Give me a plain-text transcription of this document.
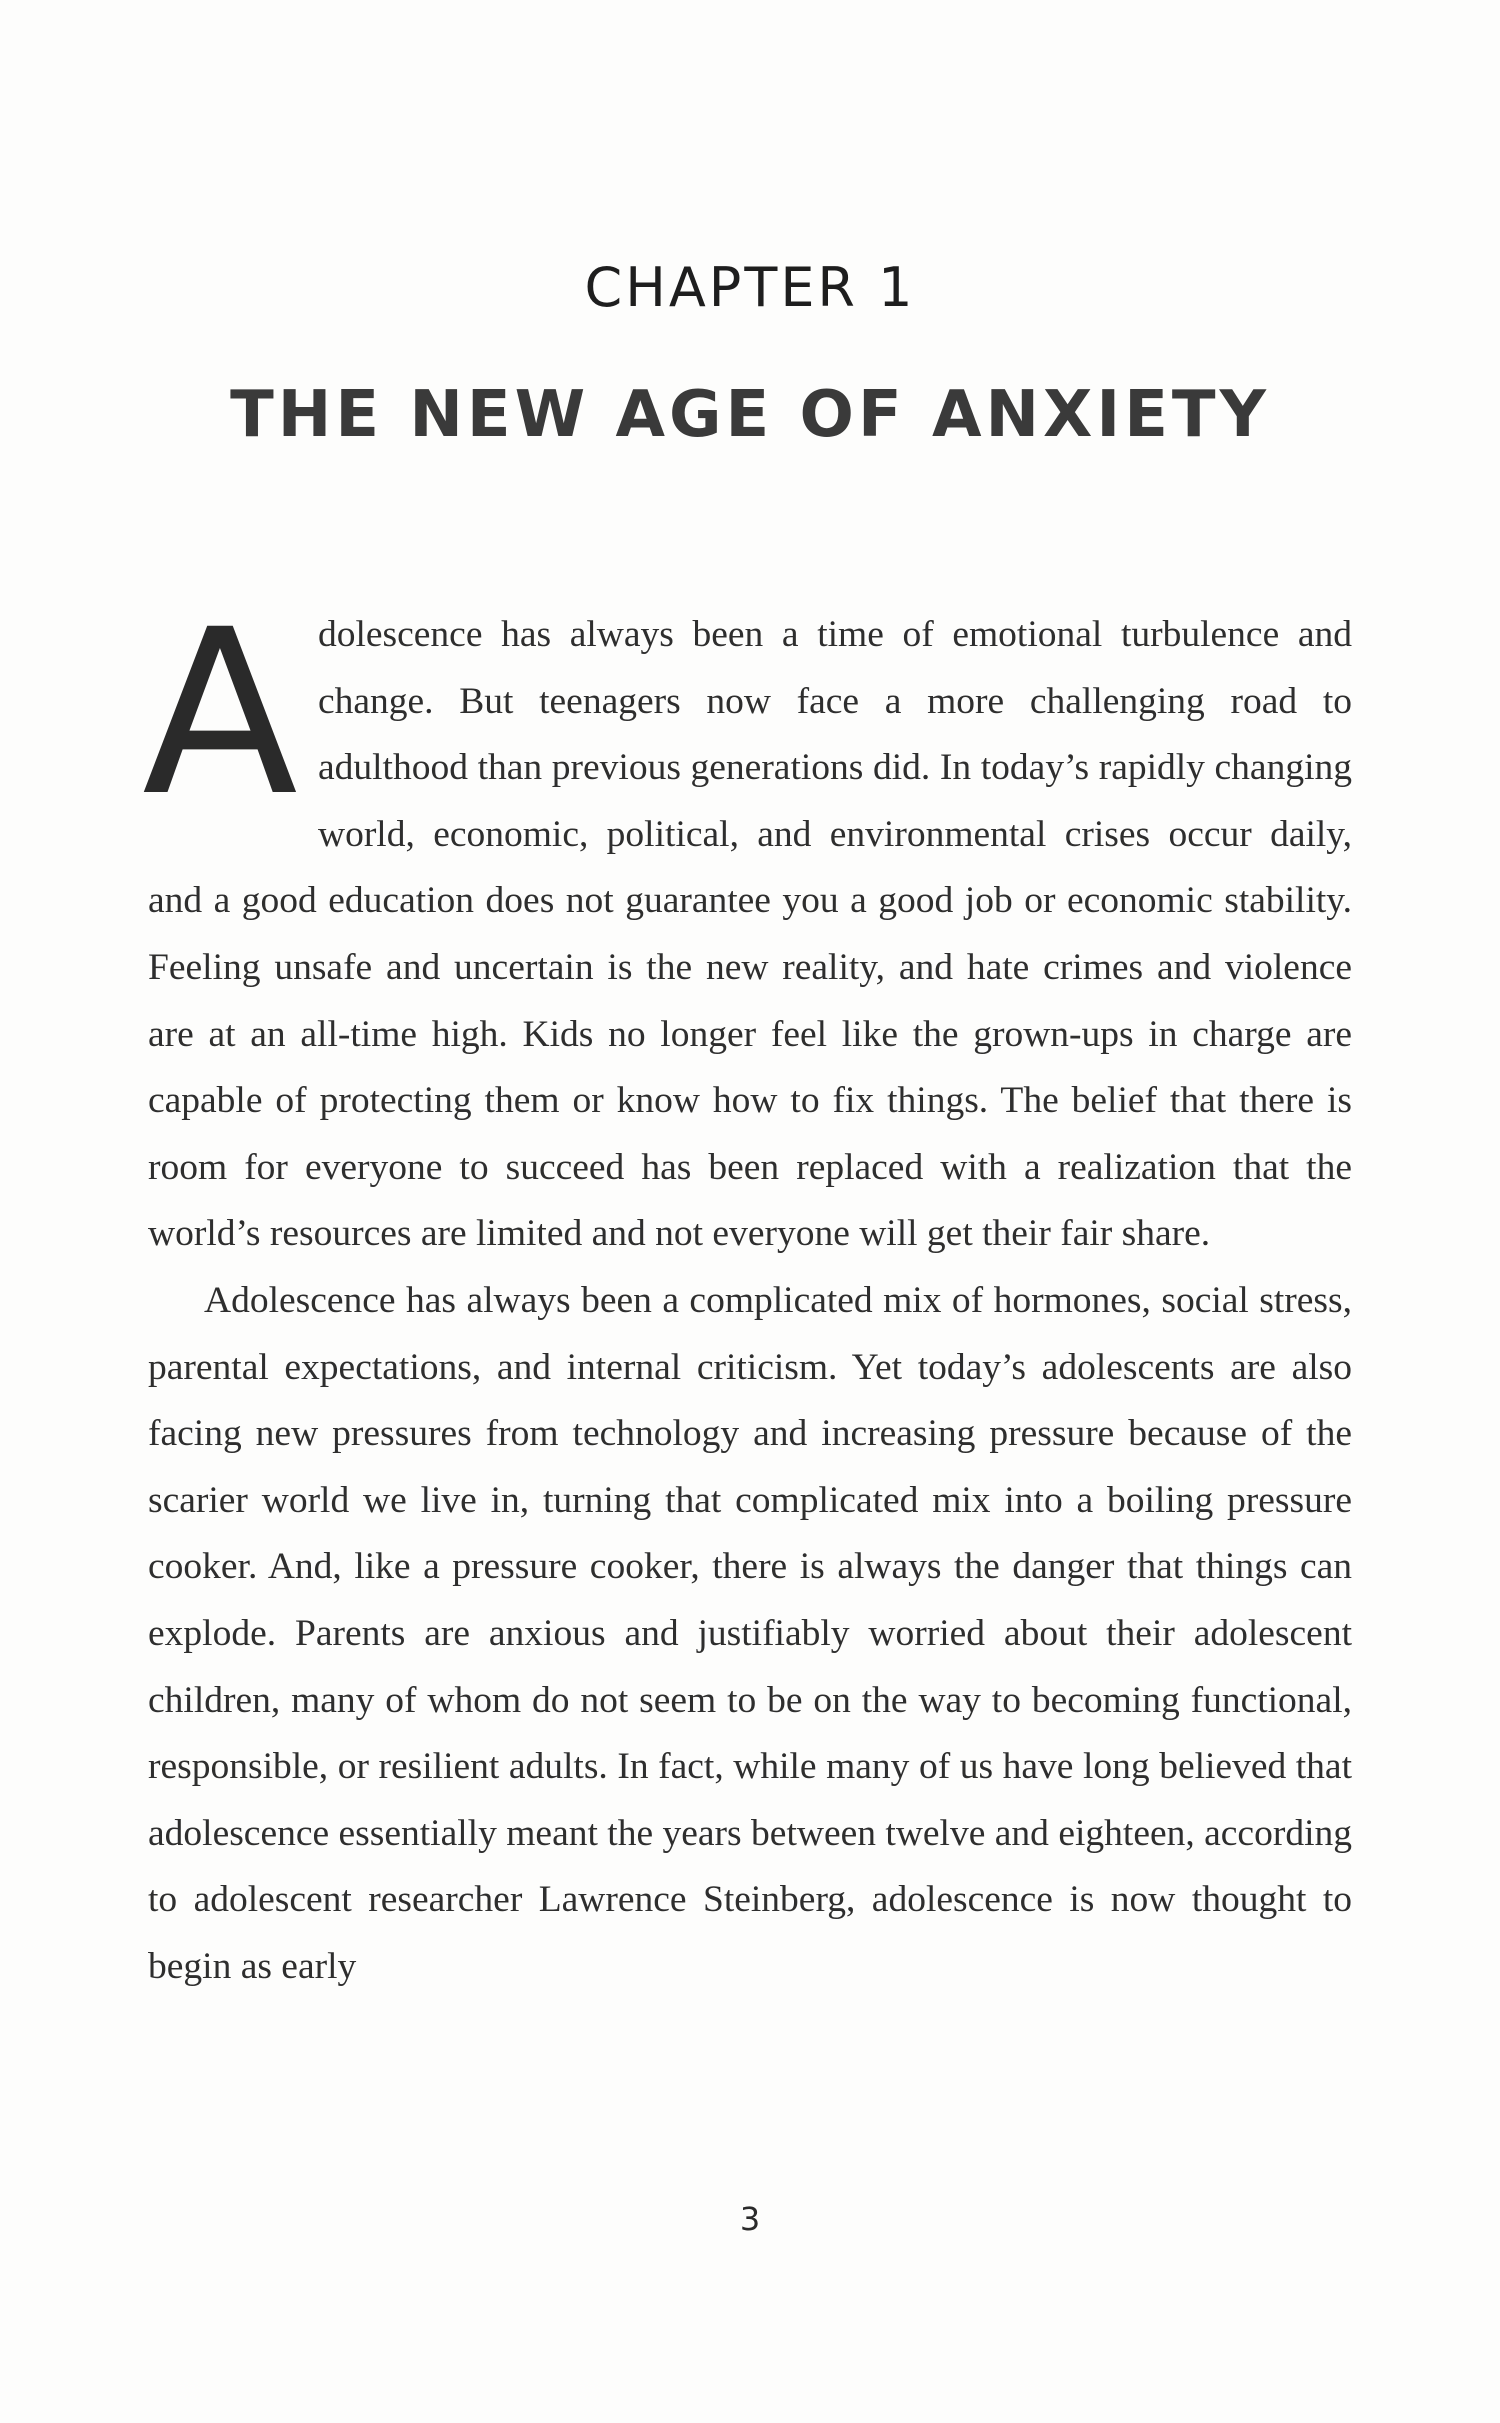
CHAPTER 1
THE NEW AGE OF ANXIETY

Adolescence has always been a time of emotional turbulence and change. But teenagers now face a more challenging road to adulthood than previous generations did. In today’s rapidly changing world, economic, political, and environmental crises occur daily, and a good education does not guarantee you a good job or economic stability. Feeling unsafe and uncertain is the new reality, and hate crimes and violence are at an all-time high. Kids no longer feel like the grown-ups in charge are capable of protecting them or know how to fix things. The belief that there is room for everyone to succeed has been replaced with a realization that the world’s resources are limited and not everyone will get their fair share.

Adolescence has always been a complicated mix of hormones, social stress, parental expectations, and internal criticism. Yet today’s adolescents are also facing new pressures from technology and increasing pressure because of the scarier world we live in, turning that complicated mix into a boiling pressure cooker. And, like a pressure cooker, there is always the danger that things can explode. Parents are anxious and justifiably worried about their adolescent children, many of whom do not seem to be on the way to becoming functional, responsible, or resilient adults. In fact, while many of us have long believed that adolescence essentially meant the years between twelve and eighteen, according to adolescent researcher Lawrence Steinberg, adolescence is now thought to begin as early

3
